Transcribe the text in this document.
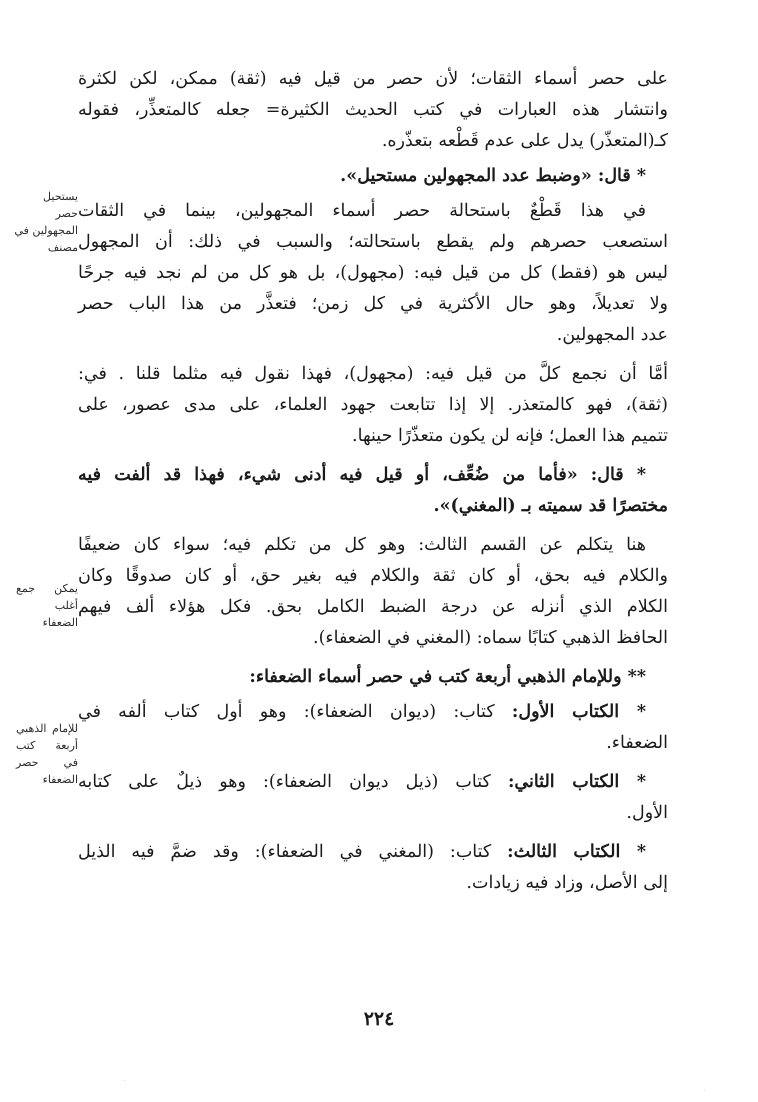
يستحيل
حصر
المجهولين في
مصنف
يمكن جمع
أغلب
الضعفاء
للإمام الذهبي
أربعة كتب
في حصر
الضعفاء
على حصر أسماء الثقات؛ لأن حصر من قيل فيه (ثقة) ممكن، لكن لكثرة
وانتشار هذه العبارات في كتب الحديث الكثيرة= جعله كالمتعذِّر، فقوله
كـ(المتعذّر) يدل على عدم قَطْعه بتعذّره.
* قال: «وضبط عدد المجهولين مستحيل».
في هذا قَطْعٌ باستحالة حصر أسماء المجهولين، بينما في الثقات
استصعب حصرهم ولم يقطع باستحالته؛ والسبب في ذلك: أن المجهول
ليس هو (فقط) كل من قيل فيه: (مجهول)، بل هو كل من لم نجد فيه جرحًا
ولا تعديلاً، وهو حال الأكثرية في كل زمن؛ فتعذَّر من هذا الباب حصر
عدد المجهولين.
أمَّا أن نجمع كلَّ من قيل فيه: (مجهول)، فهذا نقول فيه مثلما قلنا . في:
(ثقة)، فهو كالمتعذر. إلا إذا تتابعت جهود العلماء، على مدى عصور، على
تتميم هذا العمل؛ فإنه لن يكون متعذّرًا حينها.
* قال: «فأما من ضُعِّف، أو قيل فيه أدنى شيء، فهذا قد ألفت فيه
مختصرًا قد سميته بـ (المغني)».
هنا يتكلم عن القسم الثالث: وهو كل من تكلم فيه؛ سواء كان ضعيفًا
والكلام فيه بحق، أو كان ثقة والكلام فيه بغير حق، أو كان صدوقًا وكان
الكلام الذي أنزله عن درجة الضبط الكامل بحق. فكل هؤلاء ألف فيهم
الحافظ الذهبي كتابًا سماه: (المغني في الضعفاء).
** وللإمام الذهبي أربعة كتب في حصر أسماء الضعفاء:
* الكتاب الأول: كتاب: (ديوان الضعفاء): وهو أول كتاب ألفه في
الضعفاء.
* الكتاب الثاني: كتاب (ذيل ديوان الضعفاء): وهو ذيلٌ على كتابه
الأول.
* الكتاب الثالث: كتاب: (المغني في الضعفاء): وقد ضمَّ فيه الذيل
إلى الأصل، وزاد فيه زيادات.
٢٢٤
